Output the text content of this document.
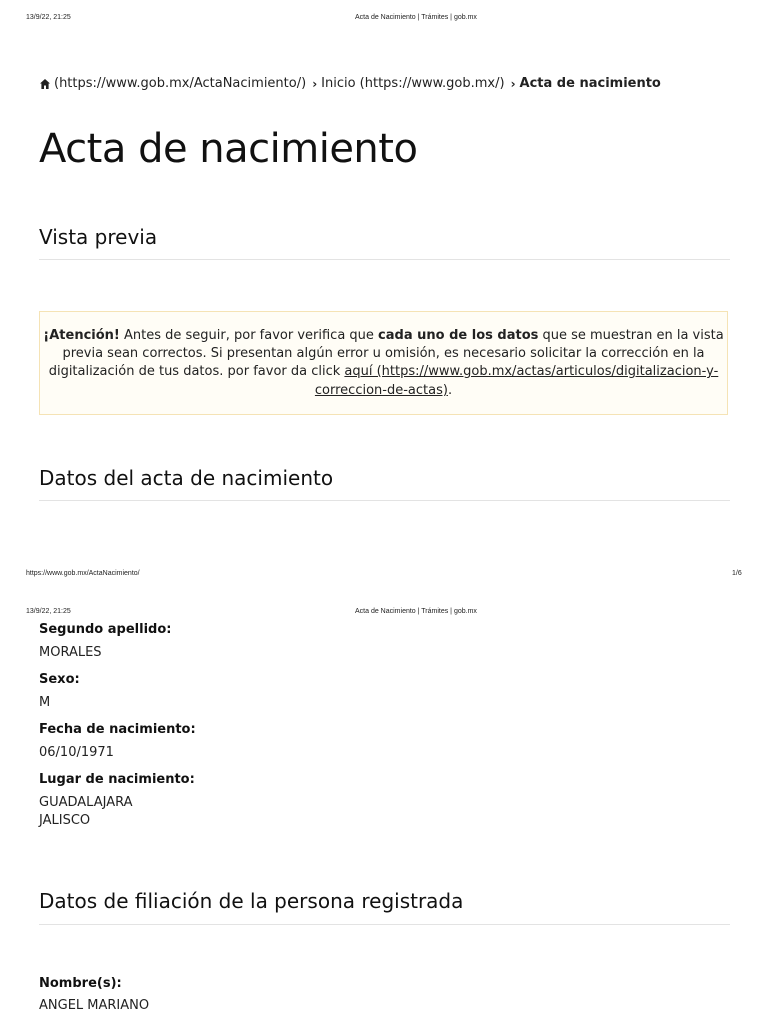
13/9/22, 21:25	Acta de Nacimiento | Trámites | gob.mx
(https://www.gob.mx/ActaNacimiento/) › Inicio (https://www.gob.mx/) › Acta de nacimiento
Acta de nacimiento
Vista previa
¡Atención! Antes de seguir, por favor verifica que cada uno de los datos que se muestran en la vista
previa sean correctos. Si presentan algún error u omisión, es necesario solicitar la corrección en la
digitalización de tus datos. por favor da click aquí (https://www.gob.mx/actas/articulos/digitalizacion-y-
correccion-de-actas).
Datos del acta de nacimiento
https://www.gob.mx/ActaNacimiento/	1/6
13/9/22, 21:25	Acta de Nacimiento | Trámites | gob.mx
Segundo apellido:
MORALES
Sexo:
M
Fecha de nacimiento:
06/10/1971
Lugar de nacimiento:
GUADALAJARA
JALISCO
Datos de filiación de la persona registrada
Nombre(s):
ANGEL MARIANO
